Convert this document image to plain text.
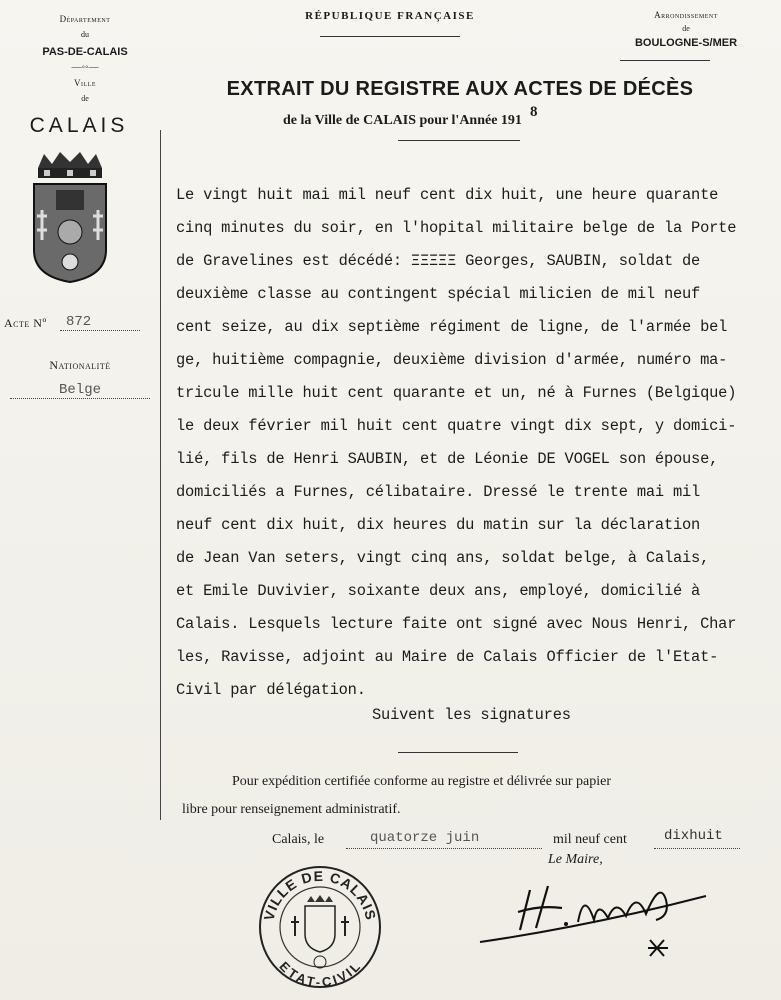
Département
du
PAS-DE-CALAIS
—◦◦—
Ville
de
CALAIS
RÉPUBLIQUE FRANÇAISE	Arrondissement
de
BOULOGNE-S/MER
EXTRAIT DU REGISTRE AUX ACTES DE DÉCÈS
de la Ville de CALAIS pour l'Année 1918
Acte Nº 872
Nationalité
Belge
Le vingt huit mai mil neuf cent dix huit, une heure quarante
cinq minutes du soir, en l'hopital militaire belge de la Porte
de Gravelines est décédé: ΞΞΞΞΞ Georges, SAUBIN, soldat de
deuxième classe au contingent spécial milicien de mil neuf
cent seize, au dix septième régiment de ligne, de l'armée bel
ge, huitième compagnie, deuxième division d'armée, numéro ma-
tricule mille huit cent quarante et un, né à Furnes (Belgique)
le deux février mil huit cent quatre vingt dix sept, y domici-
lié, fils de Henri SAUBIN, et de Léonie DE VOGEL son épouse,
domiciliés a Furnes, célibataire. Dressé le trente mai mil
neuf cent dix huit, dix heures du matin sur la déclaration
de Jean Van seters, vingt cinq ans, soldat belge, à Calais,
et Emile Duvivier, soixante deux ans, employé, domicilié à
Calais. Lesquels lecture faite ont signé avec Nous Henri, Char
les, Ravisse, adjoint au Maire de Calais Officier de l'Etat-
Civil par délégation.
Suivent les signatures
Pour expédition certifiée conforme au registre et délivrée sur papier
libre pour renseignement administratif.
Calais, le	quatorze juin	mil neuf cent	dixhuit
Le Maire,
VILLE DE CALAIS
ETAT-CIVIL
